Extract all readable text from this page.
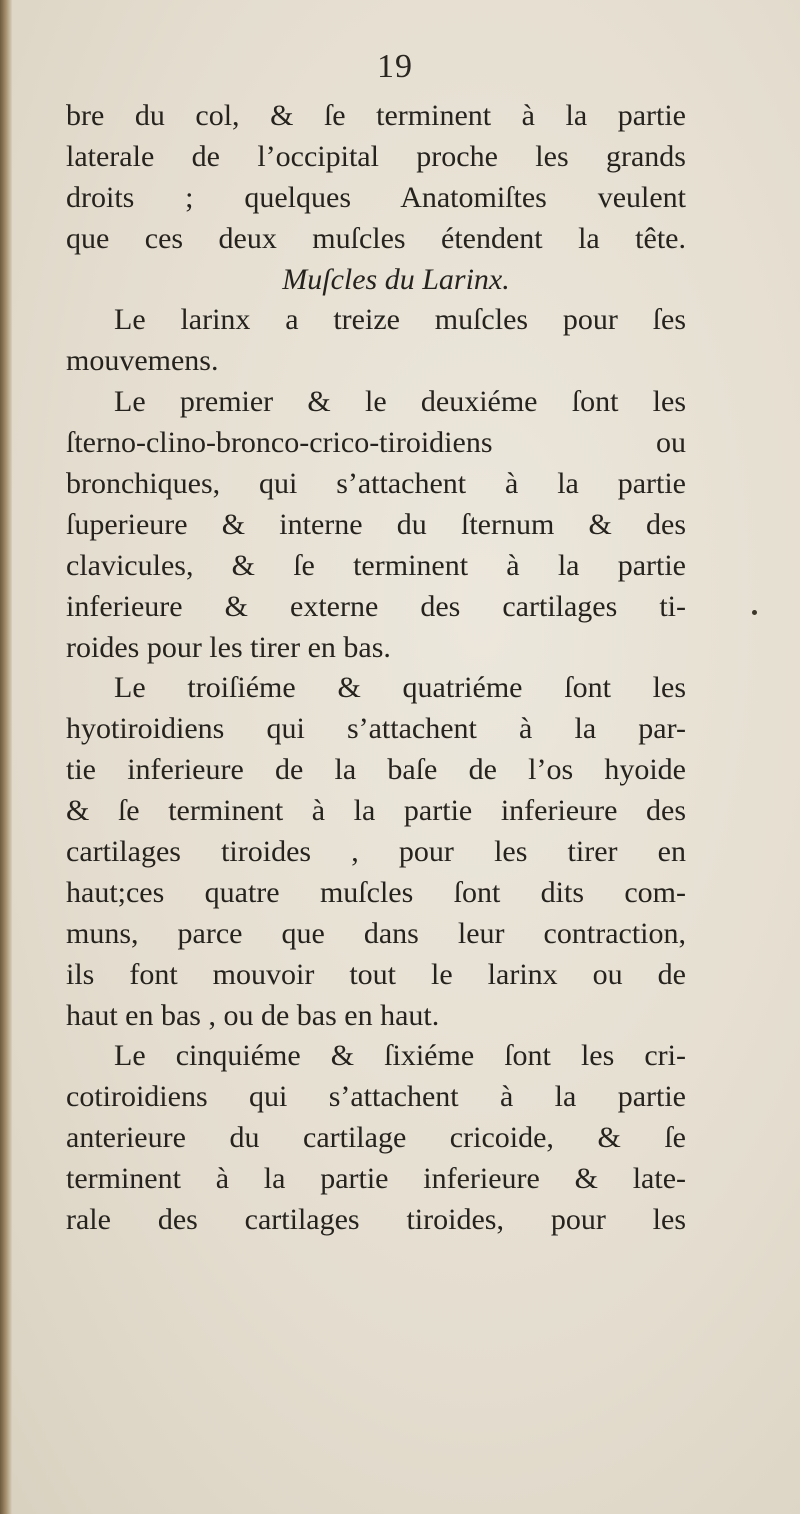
19
bre du col, & ſe terminent à la partie
laterale de l’occipital proche les grands
droits ; quelques Anatomiſtes veulent
que ces deux muſcles étendent la tête.
Muſcles du Larinx.
Le larinx a treize muſcles pour ſes
mouvemens.
Le premier & le deuxiéme ſont les
ſterno-clino-bronco-crico-tiroidiens ou
bronchiques, qui s’attachent à la partie
ſuperieure & interne du ſternum & des
clavicules, & ſe terminent à la partie
inferieure & externe des cartilages ti-
roides pour les tirer en bas.
Le troiſiéme & quatriéme ſont les
hyotiroidiens qui s’attachent à la par-
tie inferieure de la baſe de l’os hyoide
& ſe terminent à la partie inferieure des
cartilages tiroides , pour les tirer en
haut;ces quatre muſcles ſont dits com-
muns, parce que dans leur contraction,
ils font mouvoir tout le larinx ou de
haut en bas , ou de bas en haut.
Le cinquiéme & ſixiéme ſont les cri-
cotiroidiens qui s’attachent à la partie
anterieure du cartilage cricoide, & ſe
terminent à la partie inferieure & late-
rale des cartilages tiroides, pour les
